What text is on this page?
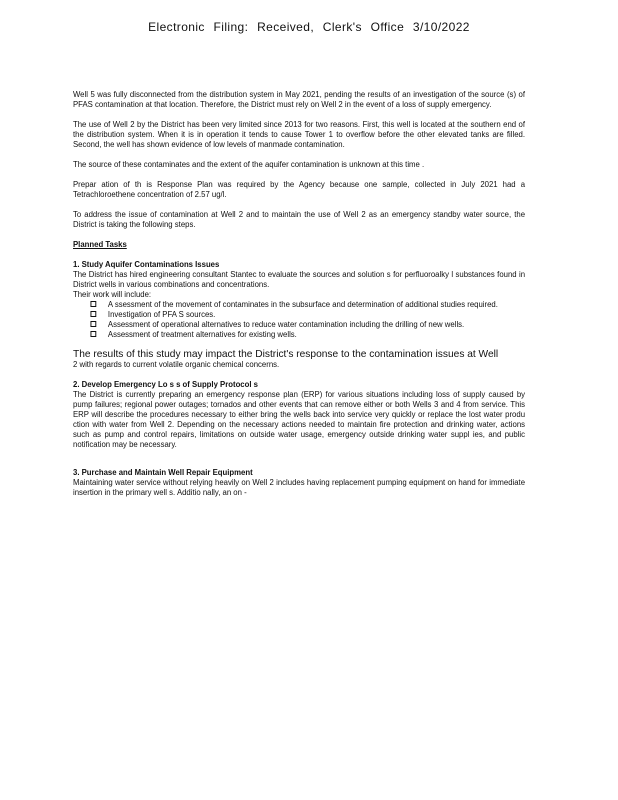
Electronic Filing: Received, Clerk's Office 3/10/2022

Well 5 was fully disconnected from the distribution system in May 2021, pending the results of an investigation of the source (s) of PFAS contamination at that location. Therefore, the District must rely on Well 2 in the event of a loss of supply emergency.

The use of Well 2 by the District has been very limited since 2013 for two reasons. First, this well is located at the southern end of the distribution system. When it is in operation it tends to cause Tower 1 to overflow before the other elevated tanks are filled. Second, the well has shown evidence of low levels of manmade contamination.

The source of these contaminates and the extent of the aquifer contamination is unknown at this time .

Prepar ation of th is Response Plan was required by the Agency because one sample, collected in July 2021 had a Tetrachloroethene concentration of 2.57 ug/l.

To address the issue of contamination at Well 2 and to maintain the use of Well 2 as an emergency standby water source, the District is taking the following steps.

Planned Tasks
1. Study Aquifer Contaminations Issues
The District has hired engineering consultant Stantec to evaluate the sources and solution s for perfluoroalky l substances found in District wells in various combinations and concentrations.
Their work will include:
A ssessment of the movement of contaminates in the subsurface and determination of additional studies required.
Investigation of PFA S sources.
Assessment of operational alternatives to reduce water contamination including the drilling of new wells.
Assessment of treatment alternatives for existing wells.
The results of this study may impact the District's response to the contamination issues at Well
2 with regards to current volatile organic chemical concerns.
2. Develop Emergency Lo s s of Supply Protocol s

The District is currently preparing an emergency response plan (ERP) for various situations including loss of supply caused by pump failures; regional power outages; tornados and other events that can remove either or both Wells 3 and 4 from service. This ERP will describe the procedures necessary to either bring the wells back into service very quickly or replace the lost water produ ction with water from Well 2. Depending on the necessary actions needed to maintain fire protection and drinking water, actions such as pump and control repairs, limitations on outside water usage, emergency outside drinking water suppl ies, and public notification may be necessary.

3. Purchase and Maintain Well Repair Equipment
Maintaining water service without relying heavily on Well 2 includes having replacement pumping equipment on hand for immediate insertion in the primary well s. Additio nally, an on -
